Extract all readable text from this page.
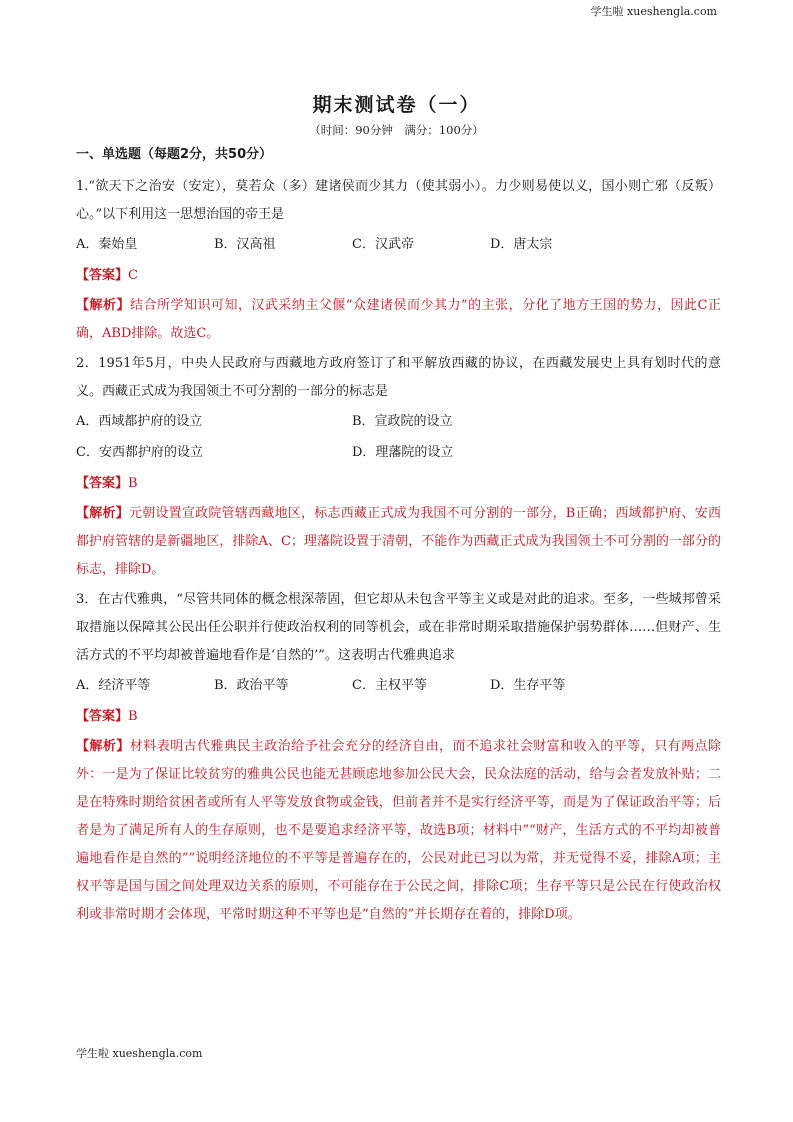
学生啦 xueshengla.com
期末测试卷（一）
（时间：90分钟　满分：100分）
一、单选题（每题2分，共50分）
1.“欲天下之治安（安定），莫若众（多）建诸侯而少其力（使其弱小）。力少则易使以义，国小则亡邪（反叛）心。”以下利用这一思想治国的帝王是
A．秦始皇	B．汉高祖	C．汉武帝	D．唐太宗
【答案】C
【解析】结合所学知识可知，汉武采纳主父偃“众建诸侯而少其力”的主张，分化了地方王国的势力，因此C正确，ABD排除。故选C。
2．1951年5月，中央人民政府与西藏地方政府签订了和平解放西藏的协议，在西藏发展史上具有划时代的意义。西藏正式成为我国领土不可分割的一部分的标志是
A．西域都护府的设立	B．宣政院的设立
C．安西都护府的设立	D．理藩院的设立
【答案】B
【解析】元朝设置宣政院管辖西藏地区，标志西藏正式成为我国不可分割的一部分，B正确；西域都护府、安西都护府管辖的是新疆地区，排除A、C；理藩院设置于清朝，不能作为西藏正式成为我国领土不可分割的一部分的标志，排除D。
3．在古代雅典，“尽管共同体的概念根深蒂固，但它却从未包含平等主义或是对此的追求。至多，一些城邦曾采取措施以保障其公民出任公职并行使政治权利的同等机会，或在非常时期采取措施保护弱势群体……但财产、生活方式的不平均却被普遍地看作是‘自然的’”。这表明古代雅典追求
A．经济平等	B．政治平等	C．主权平等	D．生存平等
【答案】B
【解析】材料表明古代雅典民主政治给予社会充分的经济自由，而不追求社会财富和收入的平等，只有两点除外：一是为了保证比较贫穷的雅典公民也能无甚顾虑地参加公民大会，民众法庭的活动，给与会者发放补贴；二是在特殊时期给贫困者或所有人平等发放食物或金钱，但前者并不是实行经济平等，而是为了保证政治平等；后者是为了满足所有人的生存原则，也不是要追求经济平等，故选B项；材料中”“财产，生活方式的不平均却被普遍地看作是自然的””说明经济地位的不平等是普遍存在的，公民对此已习以为常，并无觉得不妥，排除A项；主权平等是国与国之间处理双边关系的原则，不可能存在于公民之间，排除C项；生存平等只是公民在行使政治权利或非常时期才会体现，平常时期这种不平等也是“自然的”并长期存在着的，排除D项。
学生啦 xueshengla.com
